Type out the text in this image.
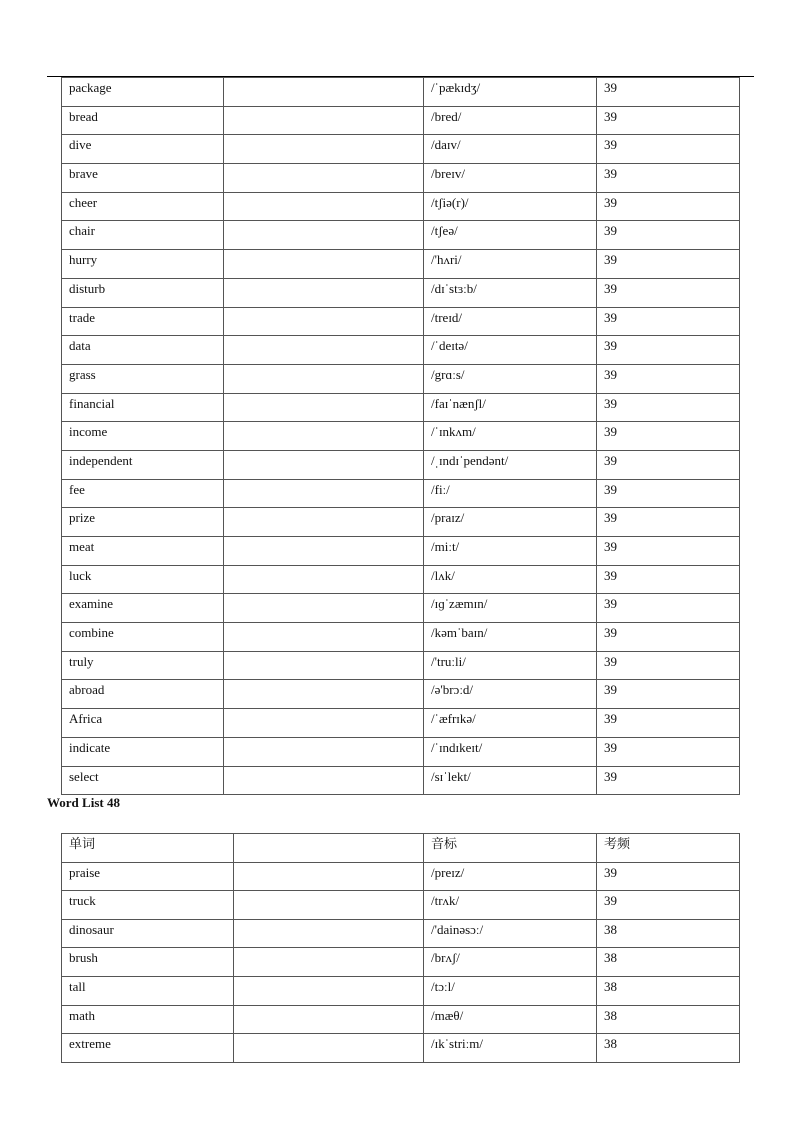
package		/ˈpækɪdʒ/	39
bread		/bred/	39
dive		/daɪv/	39
brave		/breɪv/	39
cheer		/tʃiə(r)/	39
chair		/tʃeə/	39
hurry		/'hʌri/	39
disturb		/dɪˈstɜːb/	39
trade		/treɪd/	39
data		/ˈdeɪtə/	39
grass		/grɑːs/	39
financial		/faɪˈnænʃl/	39
income		/ˈɪnkʌm/	39
independent		/ˌɪndɪˈpendənt/	39
fee		/fiː/	39
prize		/praɪz/	39
meat		/miːt/	39
luck		/lʌk/	39
examine		/ɪɡˈzæmɪn/	39
combine		/kəmˈbaɪn/	39
truly		/'truːli/	39
abroad		/ə'brɔːd/	39
Africa		/ˈæfrɪkə/	39
indicate		/ˈɪndɪkeɪt/	39
select		/sɪˈlekt/	39
Word List 48
单词		音标	考频
praise		/preɪz/	39
truck		/trʌk/	39
dinosaur		/'dainəsɔː/	38
brush		/brʌʃ/	38
tall		/tɔːl/	38
math		/mæθ/	38
extreme		/ɪkˈstriːm/	38
